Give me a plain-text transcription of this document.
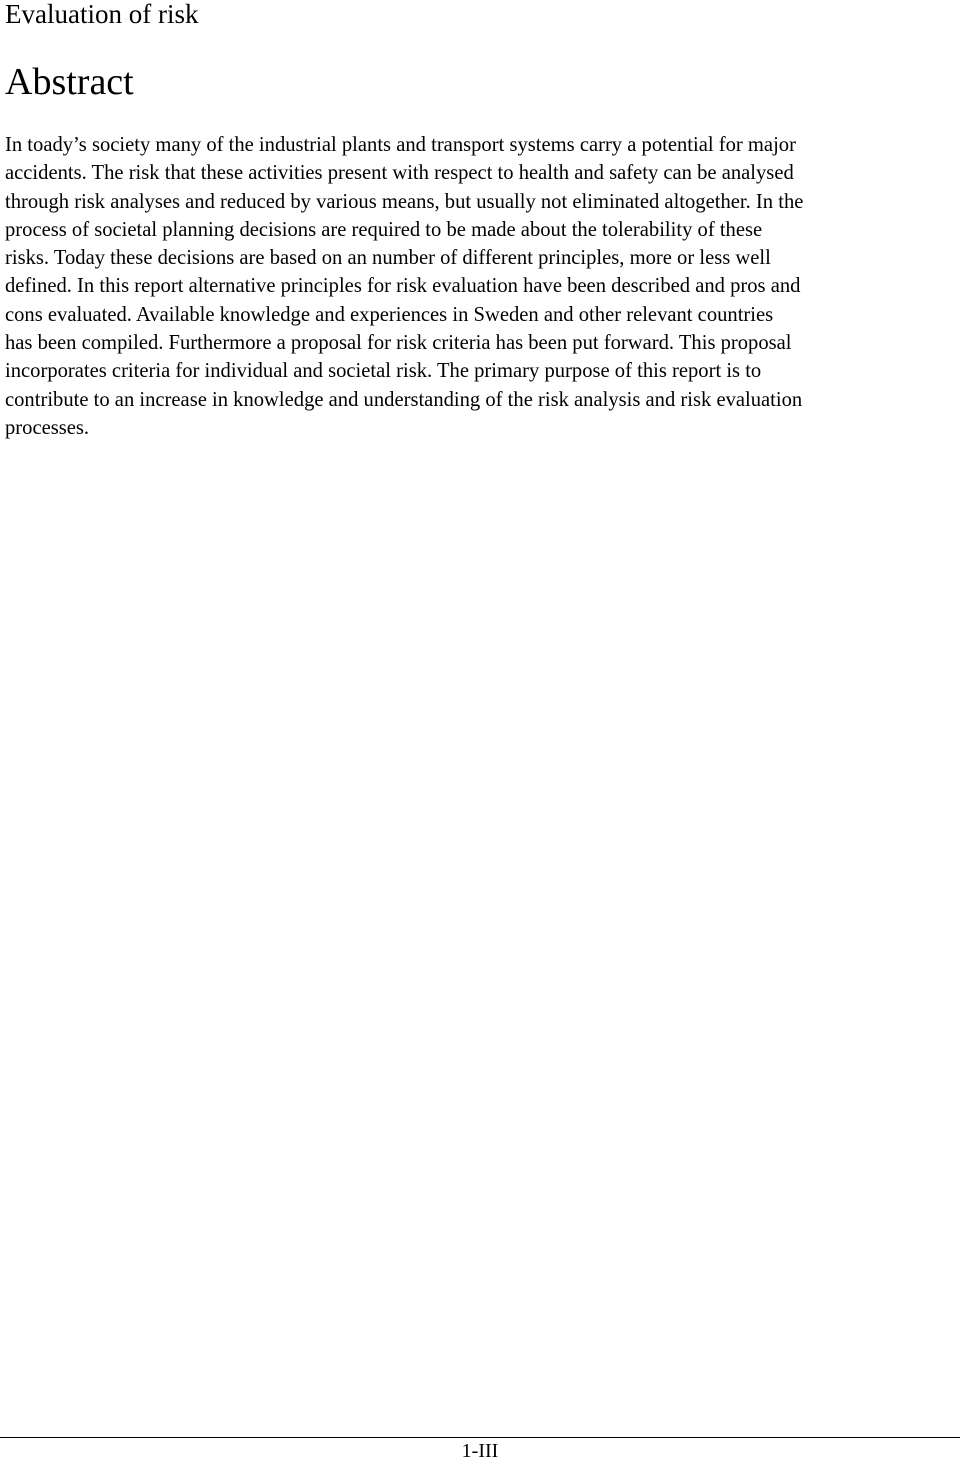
Evaluation of risk
Abstract
In toady’s society many of the industrial plants and transport systems carry a potential for major
accidents. The risk that these activities present with respect to health and safety can be analysed
through risk analyses and reduced by various means, but usually not eliminated altogether. In the
process of societal planning decisions are required to be made about the tolerability of these
risks. Today these decisions are based on an number of different principles, more or less well
defined. In this report alternative principles for risk evaluation have been described and pros and
cons evaluated. Available knowledge and experiences in Sweden and other relevant countries
has been compiled. Furthermore a proposal for risk criteria has been put forward. This proposal
incorporates criteria for individual and societal risk. The primary purpose of this report is to
contribute to an increase in knowledge and understanding of the risk analysis and risk evaluation
processes.
1-III
